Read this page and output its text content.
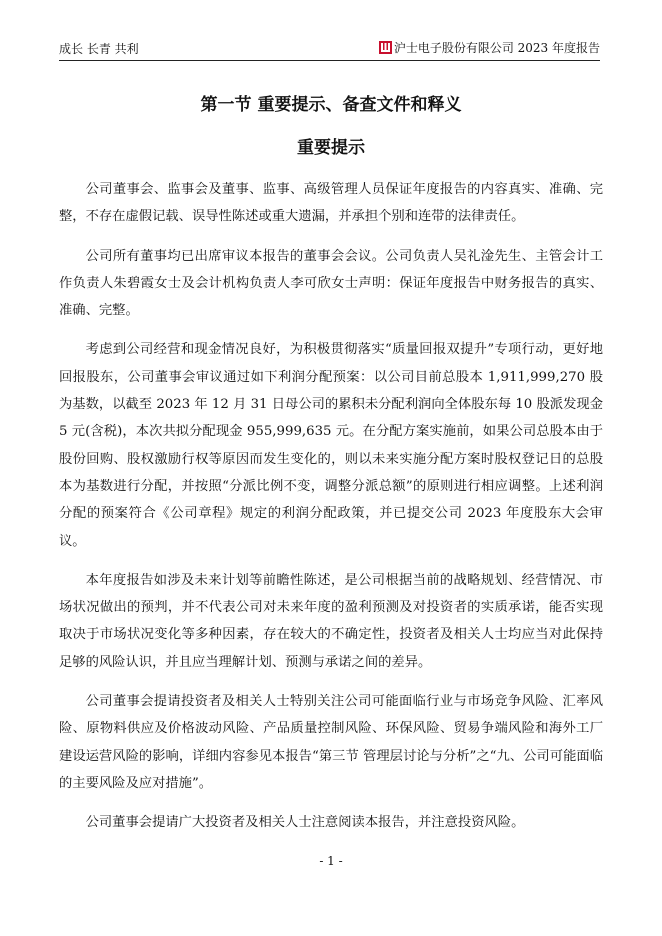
成长 长青 共利	沪士电子股份有限公司 2023 年度报告
第一节 重要提示、备查文件和释义
重要提示

公司董事会、监事会及董事、监事、高级管理人员保证年度报告的内容真实、准确、完整，不存在虚假记载、误导性陈述或重大遗漏，并承担个别和连带的法律责任。

公司所有董事均已出席审议本报告的董事会会议。公司负责人吴礼淦先生、主管会计工作负责人朱碧霞女士及会计机构负责人李可欣女士声明：保证年度报告中财务报告的真实、准确、完整。

考虑到公司经营和现金情况良好，为积极贯彻落实“质量回报双提升”专项行动，更好地回报股东，公司董事会审议通过如下利润分配预案：以公司目前总股本 1,911,999,270 股为基数，以截至 2023 年 12 月 31 日母公司的累积未分配利润向全体股东每 10 股派发现金 5 元(含税)，本次共拟分配现金 955,999,635 元。在分配方案实施前，如果公司总股本由于股份回购、股权激励行权等原因而发生变化的，则以未来实施分配方案时股权登记日的总股本为基数进行分配，并按照“分派比例不变，调整分派总额”的原则进行相应调整。上述利润分配的预案符合《公司章程》规定的利润分配政策，并已提交公司 2023 年度股东大会审议。

本年度报告如涉及未来计划等前瞻性陈述，是公司根据当前的战略规划、经营情况、市场状况做出的预判，并不代表公司对未来年度的盈利预测及对投资者的实质承诺，能否实现取决于市场状况变化等多种因素，存在较大的不确定性，投资者及相关人士均应当对此保持足够的风险认识，并且应当理解计划、预测与承诺之间的差异。

公司董事会提请投资者及相关人士特别关注公司可能面临行业与市场竞争风险、汇率风险、原物料供应及价格波动风险、产品质量控制风险、环保风险、贸易争端风险和海外工厂建设运营风险的影响，详细内容参见本报告“第三节 管理层讨论与分析”之“九、公司可能面临的主要风险及应对措施”。

公司董事会提请广大投资者及相关人士注意阅读本报告，并注意投资风险。

- 1 -
